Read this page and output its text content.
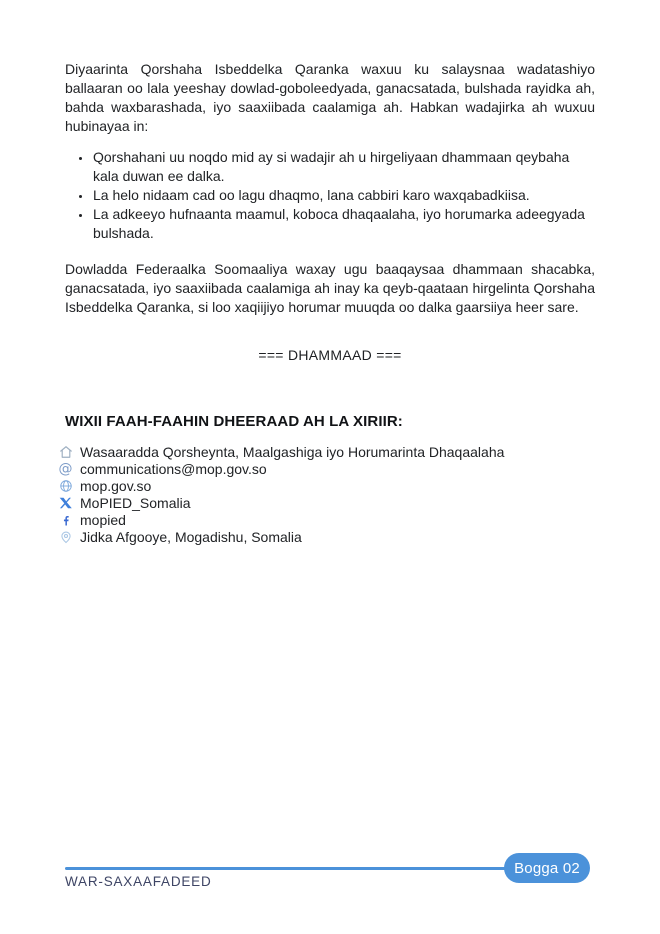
Diyaarinta Qorshaha Isbeddelka Qaranka waxuu ku salaysnaa wadatashiyo ballaaran oo lala yeeshay dowlad-goboleedyada, ganacsatada, bulshada rayidka ah, bahda waxbarashada, iyo saaxiibada caalamiga ah. Habkan wadajirka ah wuxuu hubinayaa in:

• Qorshahani uu noqdo mid ay si wadajir ah u hirgeliyaan dhammaan qeybaha kala duwan ee dalka.
• La helo nidaam cad oo lagu dhaqmo, lana cabbiri karo waxqabadkiisa.
• La adkeeyo hufnaanta maamul, koboca dhaqaalaha, iyo horumarka adeegyada bulshada.

Dowladda Federaalka Soomaaliya waxay ugu baaqaysaa dhammaan shacabka, ganacsatada, iyo saaxiibada caalamiga ah inay ka qeyb-qaataan hirgelinta Qorshaha Isbeddelka Qaranka, si loo xaqiijiyo horumar muuqda oo dalka gaarsiiya heer sare.

=== DHAMMAAD ===
WIXII FAAH-FAAHIN DHEERAAD AH LA XIRIIR:
Wasaaradda Qorsheynta, Maalgashiga iyo Horumarinta Dhaqaalaha
@ communications@mop.gov.so
mop.gov.so
MoPIED_Somalia
mopied
Jidka Afgooye, Mogadishu, Somalia
Bogga 02
WAR-SAXAAFADEED
